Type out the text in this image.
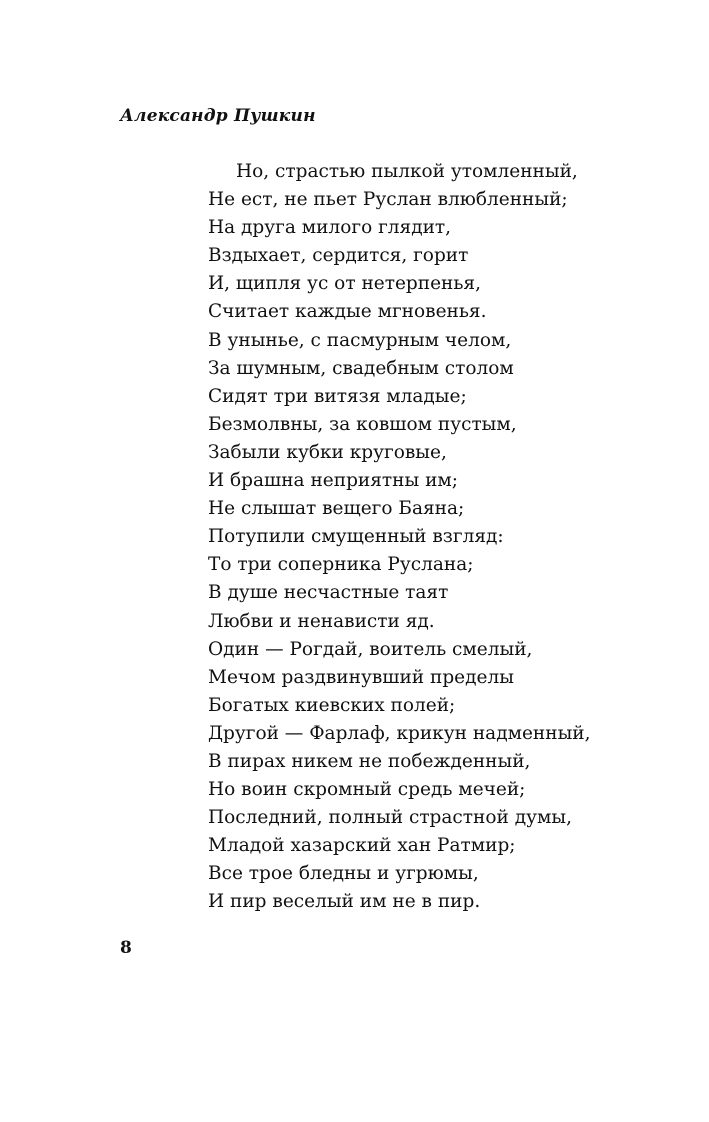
Александр Пушкин
Но, страстью пылкой утомленный,
Не ест, не пьет Руслан влюбленный;
На друга милого глядит,
Вздыхает, сердится, горит
И, щипля ус от нетерпенья,
Считает каждые мгновенья.
В унынье, с пасмурным челом,
За шумным, свадебным столом
Сидят три витязя младые;
Безмолвны, за ковшом пустым,
Забыли кубки круговые,
И брашна неприятны им;
Не слышат вещего Баяна;
Потупили смущенный взгляд:
То три соперника Руслана;
В душе несчастные таят
Любви и ненависти яд.
Один — Рогдай, воитель смелый,
Мечом раздвинувший пределы
Богатых киевских полей;
Другой — Фарлаф, крикун надменный,
В пирах никем не побежденный,
Но воин скромный средь мечей;
Последний, полный страстной думы,
Младой хазарский хан Ратмир;
Все трое бледны и угрюмы,
И пир веселый им не в пир.
8
